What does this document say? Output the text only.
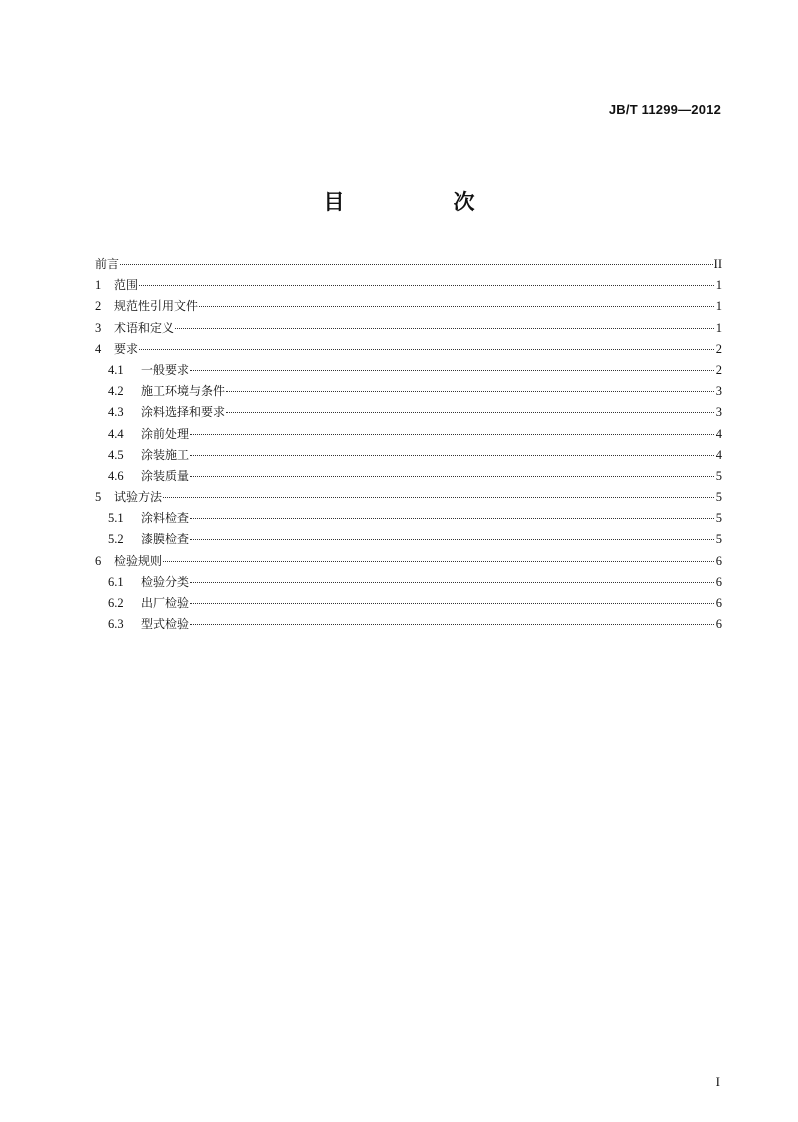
JB/T 11299—2012
目　次
前言	II
1	范围	1
2	规范性引用文件	1
3	术语和定义	1
4	要求	2
4.1	一般要求	2
4.2	施工环境与条件	3
4.3	涂料选择和要求	3
4.4	涂前处理	4
4.5	涂装施工	4
4.6	涂装质量	5
5	试验方法	5
5.1	涂料检查	5
5.2	漆膜检查	5
6	检验规则	6
6.1	检验分类	6
6.2	出厂检验	6
6.3	型式检验	6
I
